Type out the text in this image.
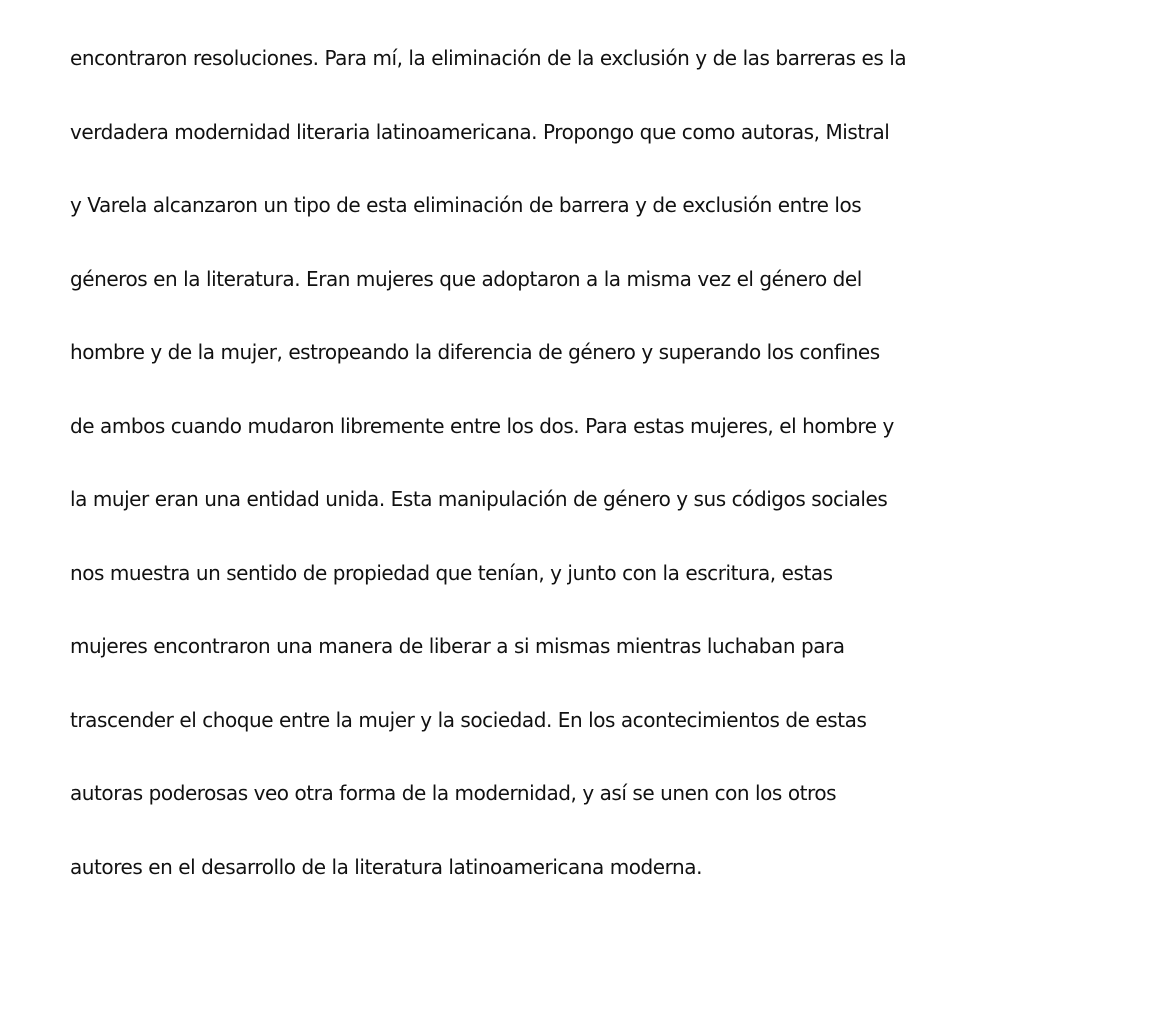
encontraron resoluciones. Para mí, la eliminación de la exclusión y de las barreras es la
verdadera modernidad literaria latinoamericana. Propongo que como autoras, Mistral
y Varela alcanzaron un tipo de esta eliminación de barrera y de exclusión entre los
géneros en la literatura. Eran mujeres que adoptaron a la misma vez el género del
hombre y de la mujer, estropeando la diferencia de género y superando los confines
de ambos cuando mudaron libremente entre los dos. Para estas mujeres, el hombre y
la mujer eran una entidad unida. Esta manipulación de género y sus códigos sociales
nos muestra un sentido de propiedad que tenían, y junto con la escritura, estas
mujeres encontraron una manera de liberar a si mismas mientras luchaban para
trascender el choque entre la mujer y la sociedad. En los acontecimientos de estas
autoras poderosas veo otra forma de la modernidad, y así se unen con los otros
autores en el desarrollo de la literatura latinoamericana moderna.
